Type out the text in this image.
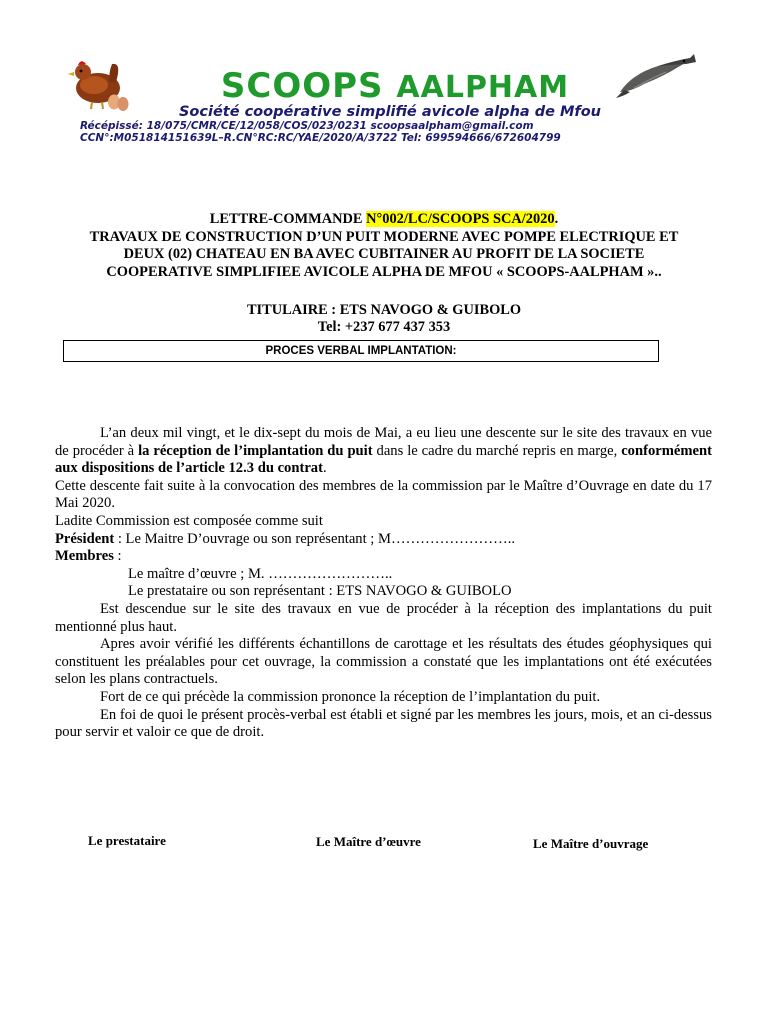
SCOOPS AALPHAM
Société coopérative simplifié avicole alpha de Mfou
Récépissé: 18/075/CMR/CE/12/058/COS/023/0231 scoopsaalpham@gmail.com
CCN°:M051814151639L–R.CN°RC:RC/YAE/2020/A/3722 Tel: 699594666/672604799
LETTRE-COMMANDE N°002/LC/SCOOPS SCA/2020.
TRAVAUX DE CONSTRUCTION D’UN PUIT MODERNE AVEC POMPE ELECTRIQUE ET
DEUX (02) CHATEAU EN BA AVEC CUBITAINER AU PROFIT DE LA SOCIETE
COOPERATIVE SIMPLIFIEE AVICOLE ALPHA DE MFOU « SCOOPS-AALPHAM »..
TITULAIRE : ETS NAVOGO & GUIBOLO
Tel: +237 677 437 353
PROCES VERBAL IMPLANTATION:

L’an deux mil vingt, et le dix-sept du mois de Mai, a eu lieu une descente sur le site des travaux en vue de procéder à la réception de l’implantation du puit dans le cadre du marché repris en marge, conformément aux dispositions de l’article 12.3 du contrat.

Cette descente fait suite à la convocation des membres de la commission par le Maître d’Ouvrage en date du 17 Mai 2020.

Ladite Commission est composée comme suit

Président : Le Maitre D’ouvrage ou son représentant ; M……………………..

Membres :

Le maître d’œuvre ; M. ……………………..

Le prestataire ou son représentant : ETS NAVOGO & GUIBOLO

Est descendue sur le site des travaux en vue de procéder à la réception des implantations du puit mentionné plus haut.

Apres avoir vérifié les différents échantillons de carottage et les résultats des études géophysiques qui constituent les préalables pour cet ouvrage, la commission a constaté que les implantations ont été exécutées selon les plans contractuels.

Fort de ce qui précède la commission prononce la réception de l’implantation du puit.

En foi de quoi le présent procès-verbal est établi et signé par les membres les jours, mois, et an ci-dessus pour servir et valoir ce que de droit.

Le prestataire	Le Maître d’œuvre	Le Maître d’ouvrage
